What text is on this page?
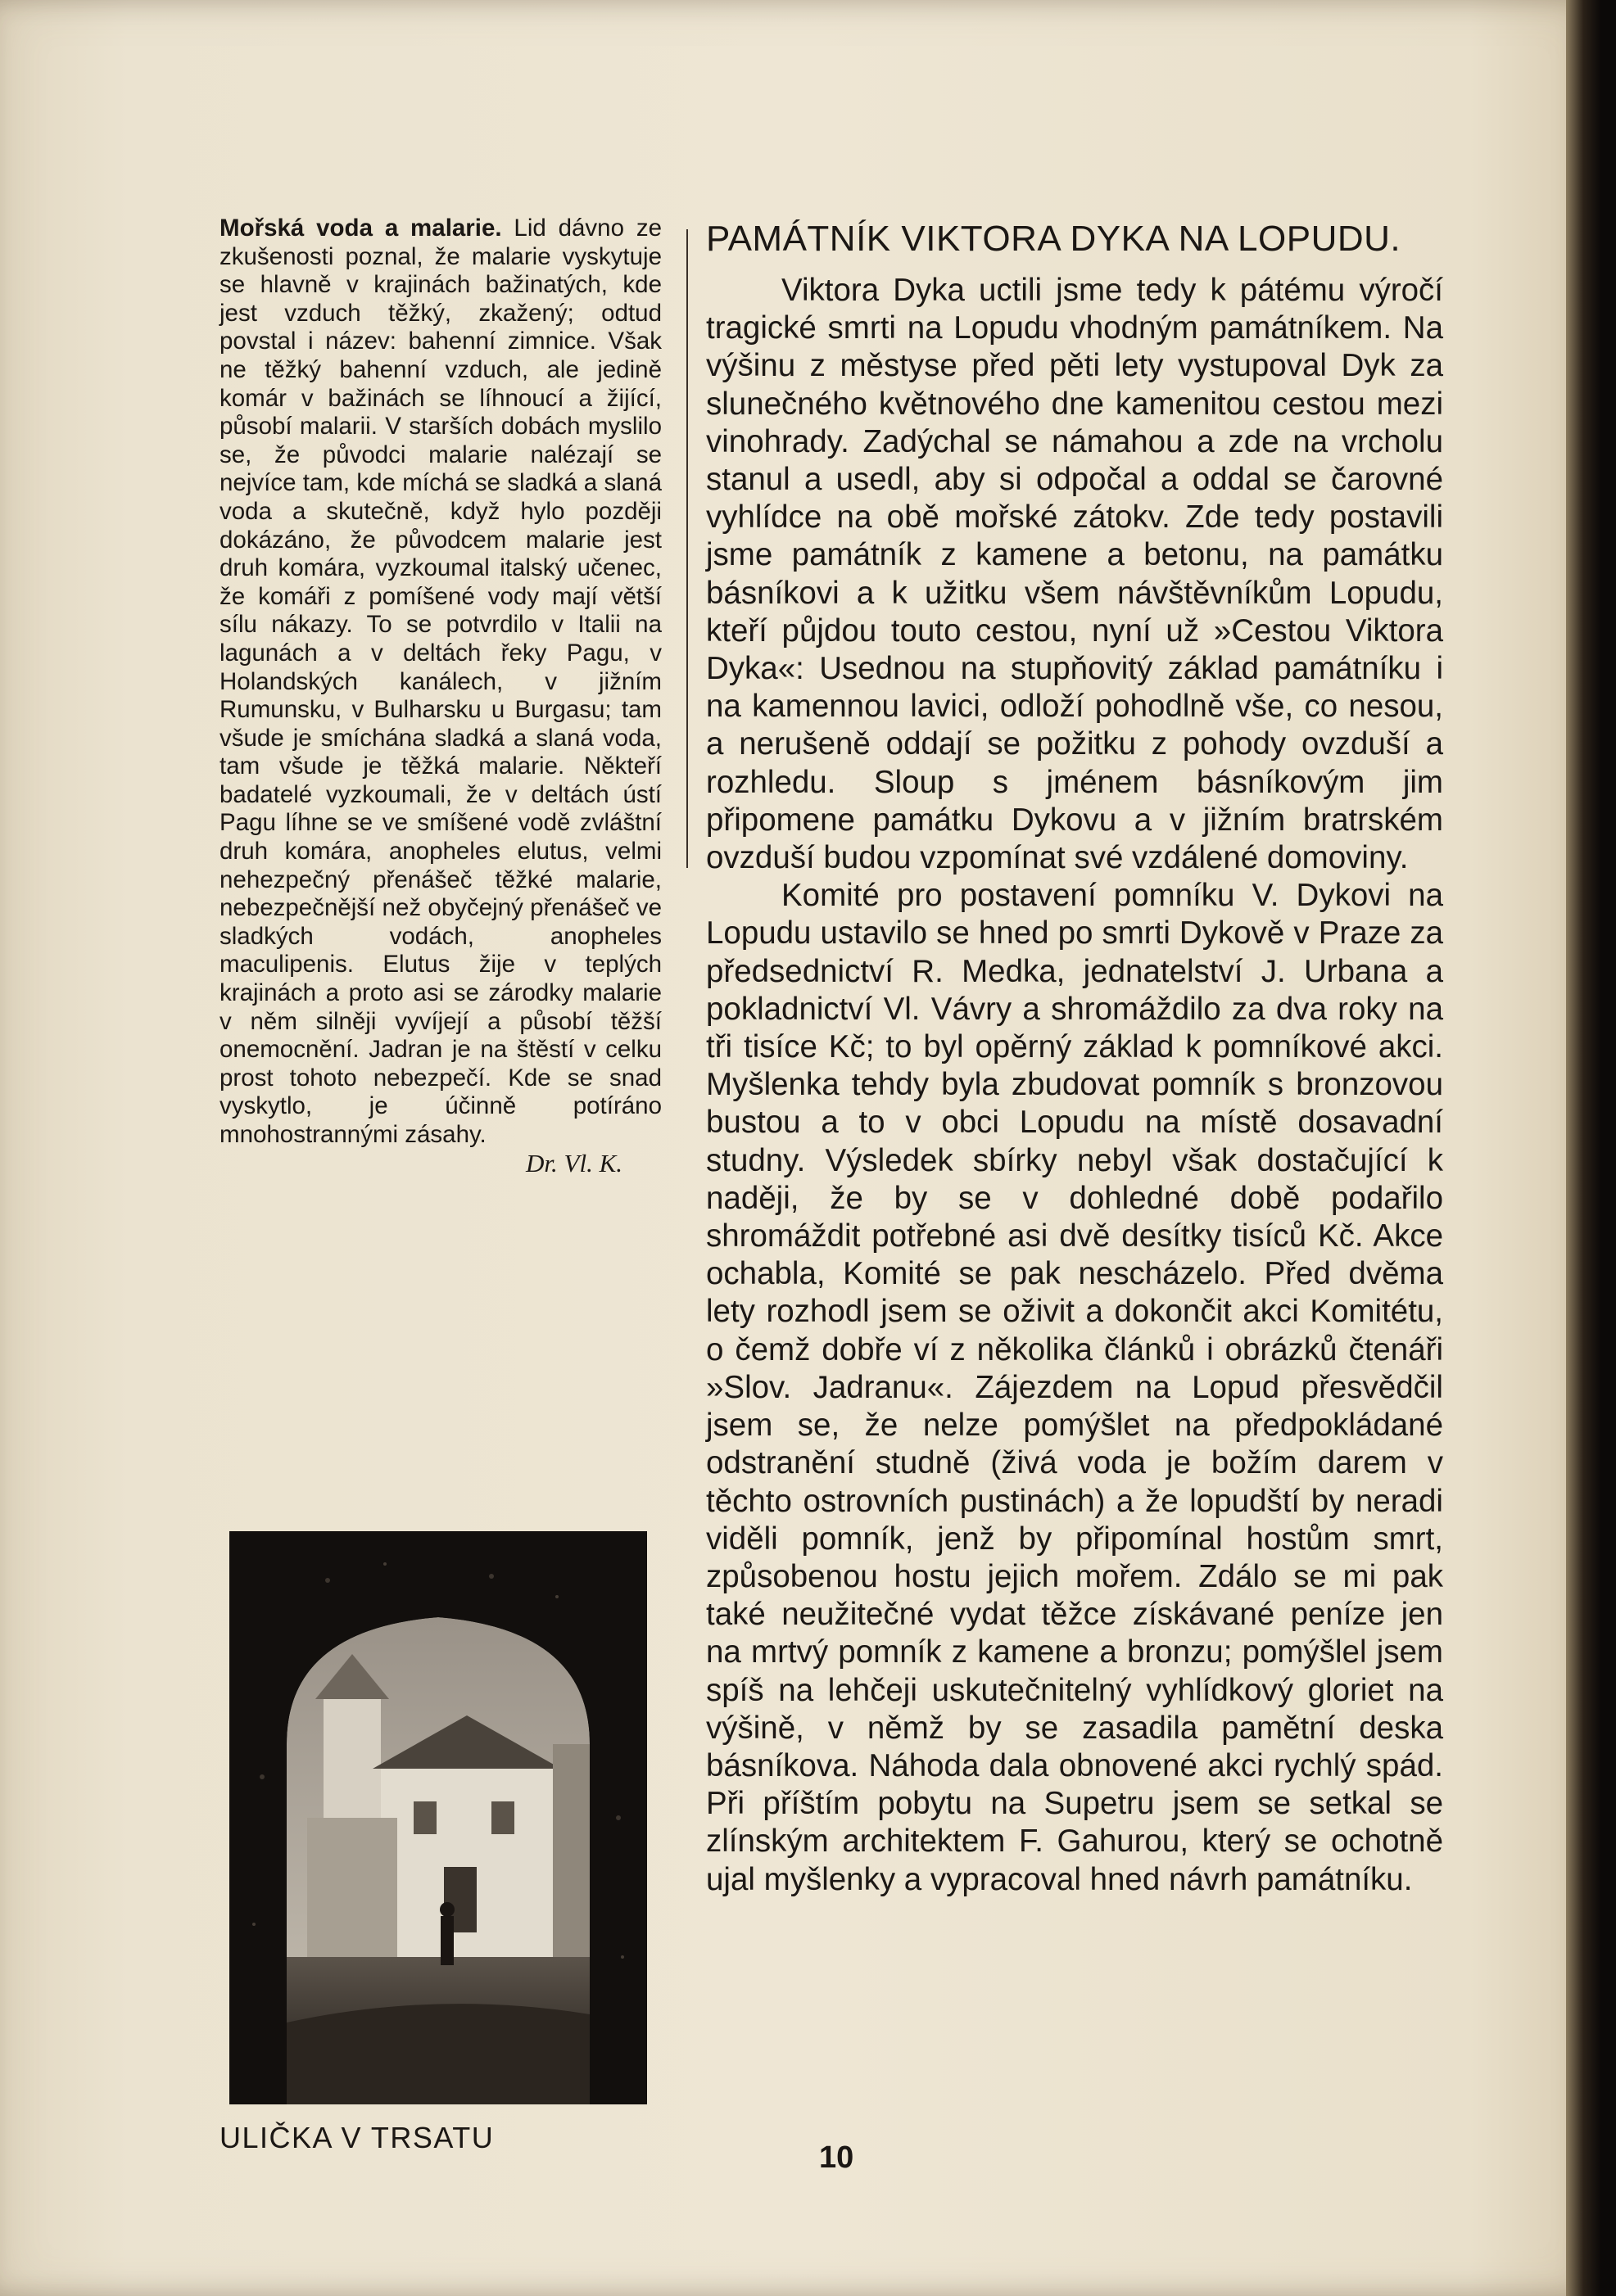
Mořská voda a malarie. Lid dávno ze zkušenosti poznal, že malarie vyskytuje se hlavně v krajinách bažinatých, kde jest vzduch těžký, zkažený; odtud povstal i název: bahenní zimnice. Však ne těžký bahenní vzduch, ale jedině komár v bažinách se líhnoucí a žijící, působí malarii. V starších dobách myslilo se, že původci malarie nalézají se nejvíce tam, kde míchá se sladká a slaná voda a skutečně, když hylo později dokázáno, že původcem malarie jest druh komára, vyzkoumal italský učenec, že komáři z pomíšené vody mají větší sílu nákazy. To se potvrdilo v Italii na lagunách a v deltách řeky Pagu, v Holandských kanálech, v jižním Rumunsku, v Bulharsku u Burgasu; tam všude je smíchána sladká a slaná voda, tam všude je těžká malarie. Někteří badatelé vyzkoumali, že v deltách ústí Pagu líhne se ve smíšené vodě zvláštní druh komára, anopheles elutus, velmi nehezpečný přenášeč těžké malarie, nebezpečnější než obyčejný přenášeč ve sladkých vodách, anopheles maculipenis. Elutus žije v teplých krajinách a proto asi se zárodky malarie v něm silněji vyvíjejí a působí těžší onemocnění. Jadran je na štěstí v celku prost tohoto nebezpečí. Kde se snad vyskytlo, je účinně potíráno mnohostrannými zásahy.
Dr. Vl. K.
PAMÁTNÍK VIKTORA DYKA NA LOPUDU.

Viktora Dyka uctili jsme tedy k pátému výročí tragické smrti na Lopudu vhodným památníkem. Na výšinu z městyse před pěti lety vystupoval Dyk za slunečného květnového dne kamenitou cestou mezi vinohrady. Zadýchal se námahou a zde na vrcholu stanul a usedl, aby si odpočal a oddal se čarovné vyhlídce na obě mořské zátokv. Zde tedy postavili jsme památník z kamene a betonu, na památku básníkovi a k užitku všem návštěvníkům Lopudu, kteří půjdou touto cestou, nyní už »Cestou Viktora Dyka«: Usednou na stupňovitý základ památníku i na kamennou lavici, odloží pohodlně vše, co nesou, a nerušeně oddají se požitku z pohody ovzduší a rozhledu. Sloup s jménem básníkovým jim připomene památku Dykovu a v jižním bratrském ovzduší budou vzpomínat své vzdálené domoviny.

Komité pro postavení pomníku V. Dykovi na Lopudu ustavilo se hned po smrti Dykově v Praze za předsednictví R. Medka, jednatelství J. Urbana a pokladnictví Vl. Vávry a shromáždilo za dva roky na tři tisíce Kč; to byl opěrný základ k pomníkové akci. Myšlenka tehdy byla zbudovat pomník s bronzovou bustou a to v obci Lopudu na místě dosavadní studny. Výsledek sbírky nebyl však dostačující k naději, že by se v dohledné době podařilo shromáždit potřebné asi dvě desítky tisíců Kč. Akce ochabla, Komité se pak nescházelo. Před dvěma lety rozhodl jsem se oživit a dokončit akci Komitétu, o čemž dobře ví z několika článků i obrázků čtenáři »Slov. Jadranu«. Zájezdem na Lopud přesvědčil jsem se, že nelze pomýšlet na předpokládané odstranění studně (živá voda je božím darem v těchto ostrovních pustinách) a že lopudští by neradi viděli pomník, jenž by připomínal hostům smrt, způsobenou hostu jejich mořem. Zdálo se mi pak také neužitečné vydat těžce získávané peníze jen na mrtvý pomník z kamene a bronzu; pomýšlel jsem spíš na lehčeji uskutečnitelný vyhlídkový gloriet na výšině, v němž by se zasadila pamětní deska básníkova. Náhoda dala obnovené akci rychlý spád. Při příštím pobytu na Supetru jsem se setkal se zlínským architektem F. Gahurou, který se ochotně ujal myšlenky a vypracoval hned návrh památníku.

ULIČKA V TRSATU
10
